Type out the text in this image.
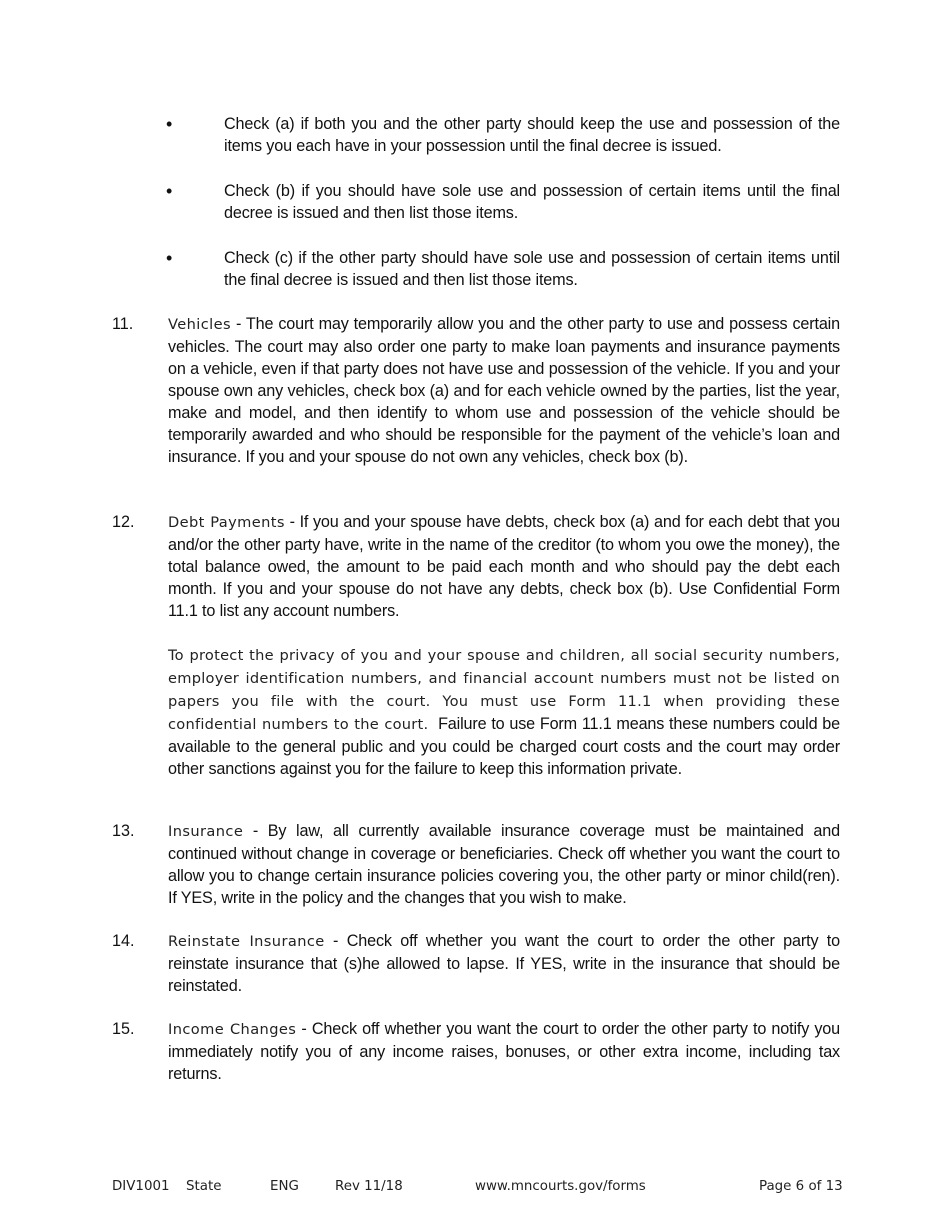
•	Check (a) if both you and the other party should keep the use and possession of the items you each have in your possession until the final decree is issued.
•	Check (b) if you should have sole use and possession of certain items until the final decree is issued and then list those items.
•	Check (c) if the other party should have sole use and possession of certain items until the final decree is issued and then list those items.
11. Vehicles - The court may temporarily allow you and the other party to use and possess certain vehicles. The court may also order one party to make loan payments and insurance payments on a vehicle, even if that party does not have use and possession of the vehicle. If you and your spouse own any vehicles, check box (a) and for each vehicle owned by the parties, list the year, make and model, and then identify to whom use and possession of the vehicle should be temporarily awarded and who should be responsible for the payment of the vehicle’s loan and insurance. If you and your spouse do not own any vehicles, check box (b).
12. Debt Payments - If you and your spouse have debts, check box (a) and for each debt that you and/or the other party have, write in the name of the creditor (to whom you owe the money), the total balance owed, the amount to be paid each month and who should pay the debt each month. If you and your spouse do not have any debts, check box (b). Use Confidential Form 11.1 to list any account numbers.
To protect the privacy of you and your spouse and children, all social security numbers, employer identification numbers, and financial account numbers must not be listed on papers you file with the court. You must use Form 11.1 when providing these confidential numbers to the court. Failure to use Form 11.1 means these numbers could be available to the general public and you could be charged court costs and the court may order other sanctions against you for the failure to keep this information private.
13. Insurance - By law, all currently available insurance coverage must be maintained and continued without change in coverage or beneficiaries. Check off whether you want the court to allow you to change certain insurance policies covering you, the other party or minor child(ren). If YES, write in the policy and the changes that you wish to make.
14. Reinstate Insurance - Check off whether you want the court to order the other party to reinstate insurance that (s)he allowed to lapse. If YES, write in the insurance that should be reinstated.
15. Income Changes - Check off whether you want the court to order the other party to notify you immediately notify you of any income raises, bonuses, or other extra income, including tax returns.
DIV1001 State	ENG	Rev 11/18	www.mncourts.gov/forms	Page 6 of 13
